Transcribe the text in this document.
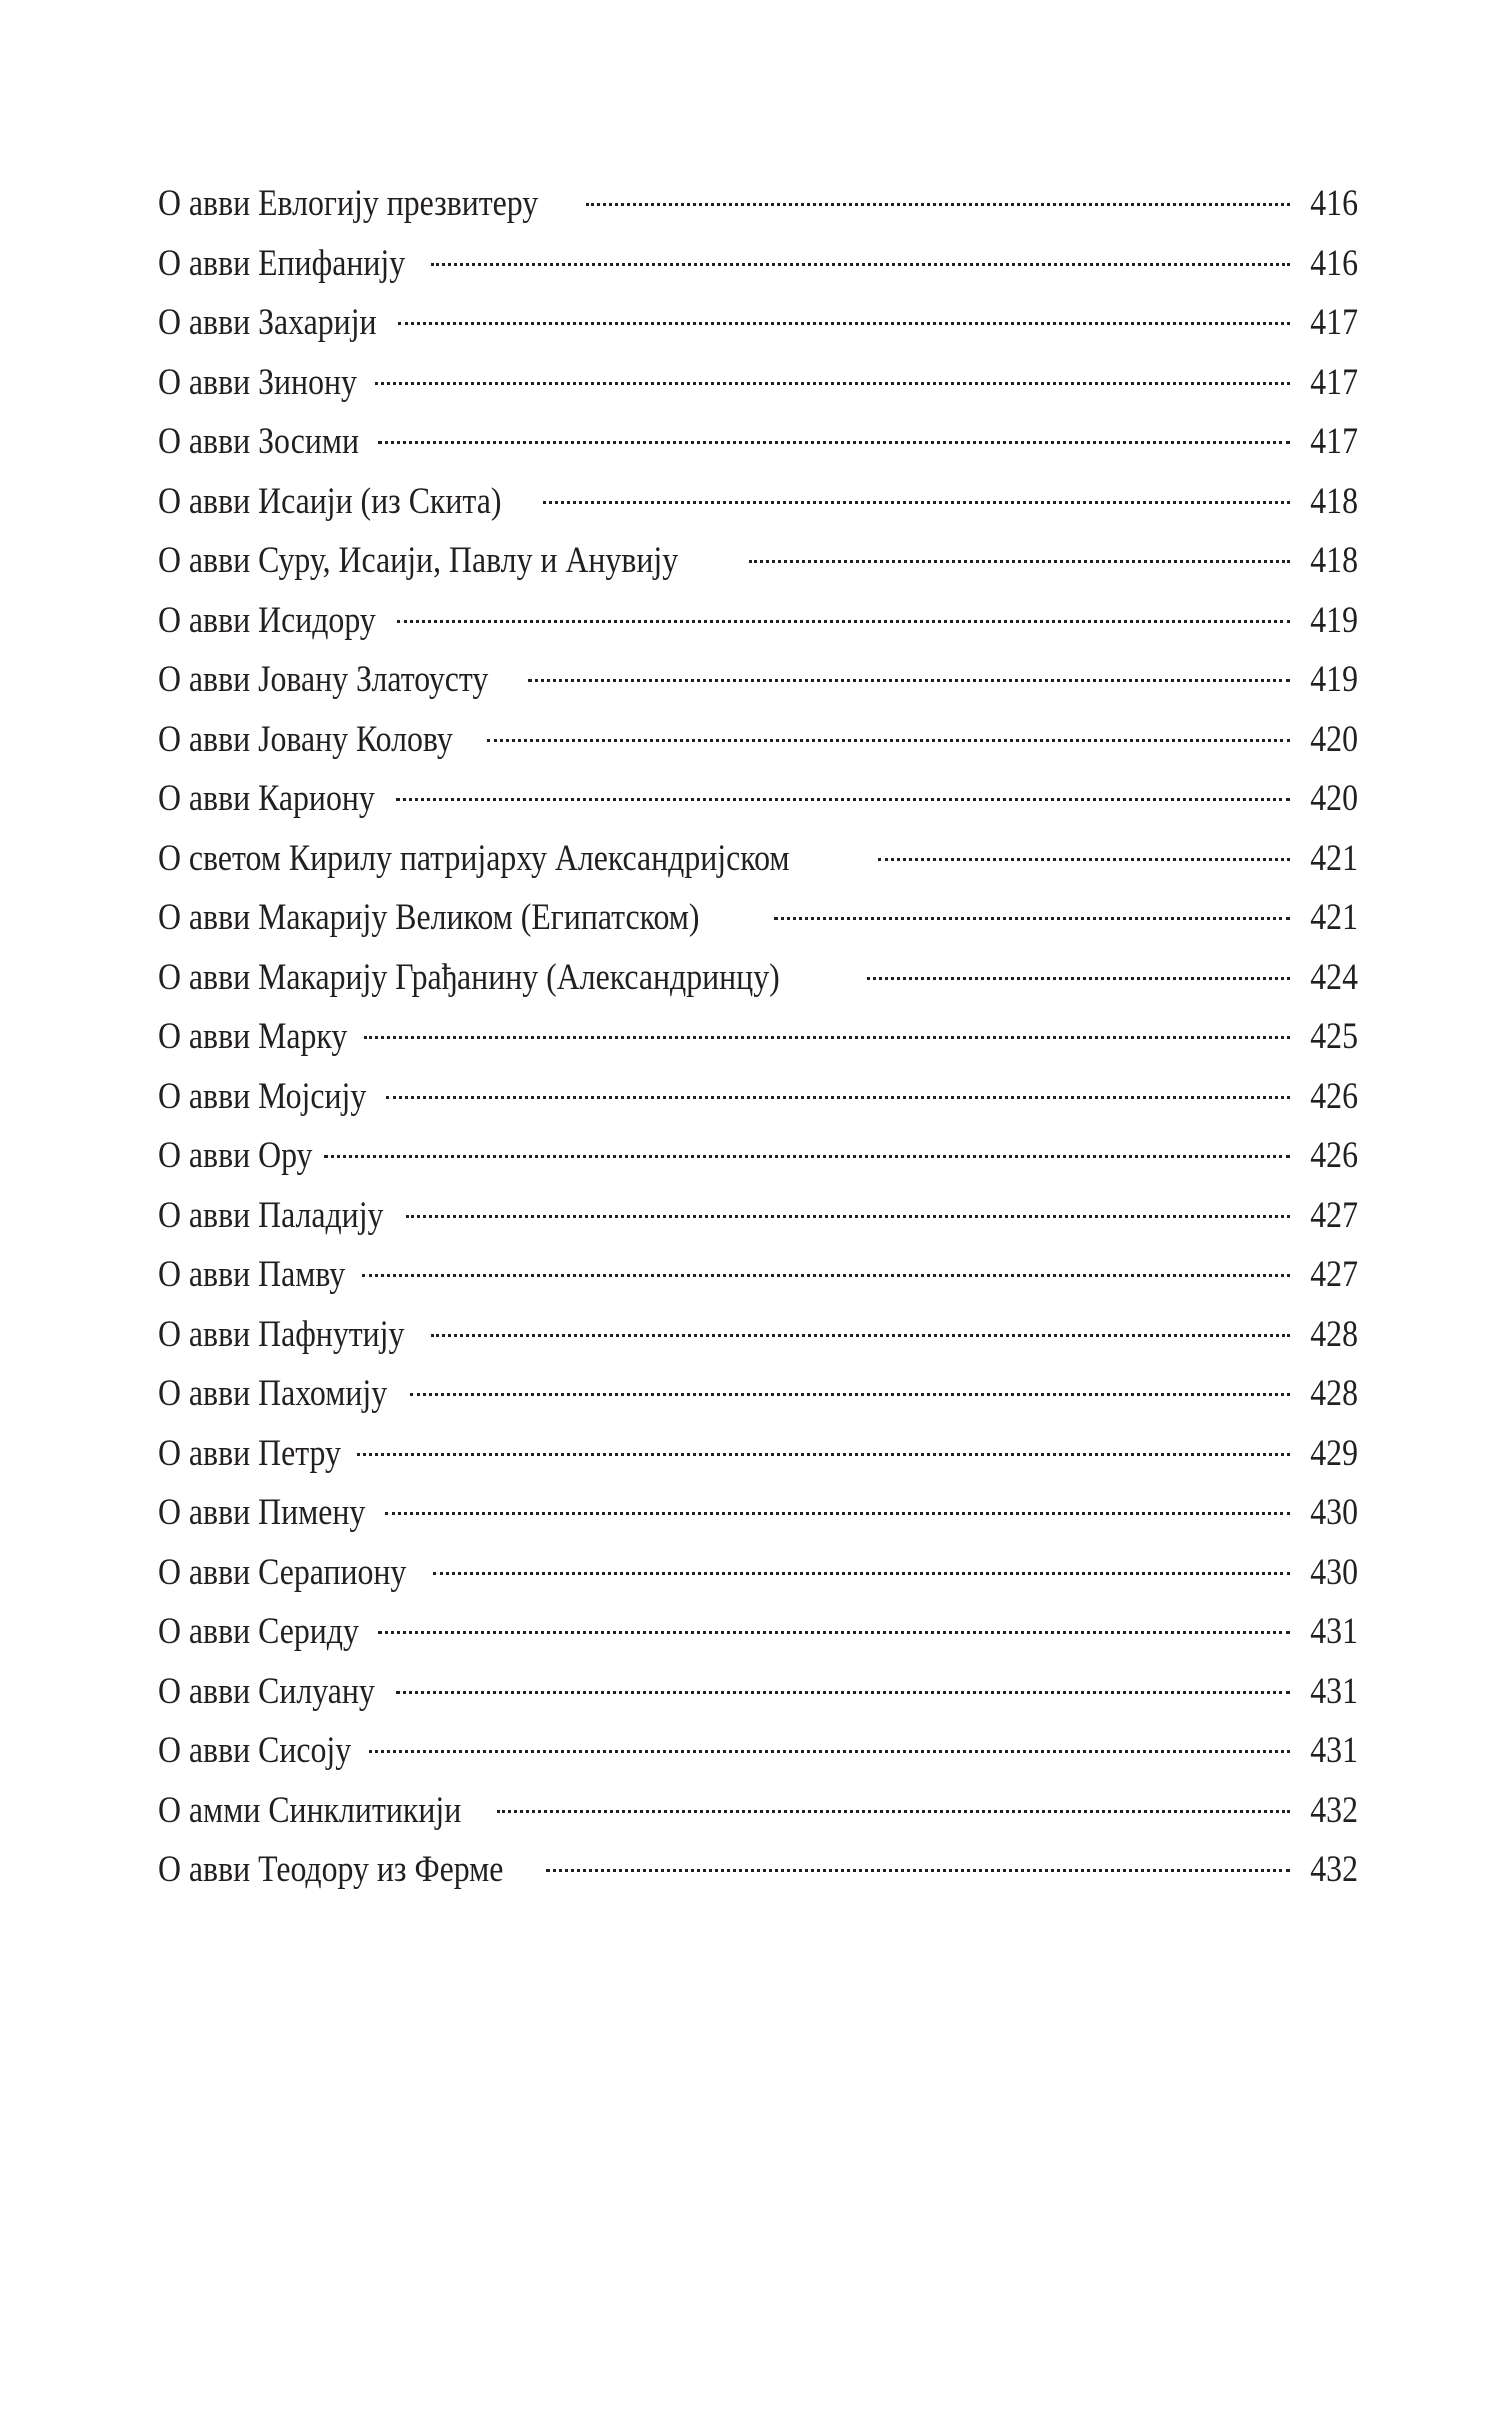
О авви Евлогију презвитеру	416
О авви Епифанију	416
О авви Захарији	417
О авви Зинону	417
О авви Зосими	417
О авви Исаији (из Скита)	418
О авви Суру, Исаији, Павлу и Анувију	418
О авви Исидору	419
О авви Јовану Златоусту	419
О авви Јовану Колову	420
О авви Кариону	420
О светом Кирилу патријарху Александријском	421
О авви Макарију Великом (Египатском)	421
О авви Макарију Грађанину (Александринцу)	424
О авви Марку	425
О авви Мојсију	426
О авви Ору	426
О авви Паладију	427
О авви Памву	427
О авви Пафнутију	428
О авви Пахомију	428
О авви Петру	429
О авви Пимену	430
О авви Серапиону	430
О авви Сериду	431
О авви Силуану	431
О авви Сисоју	431
О амми Синклитикији	432
О авви Теодору из Ферме	432
